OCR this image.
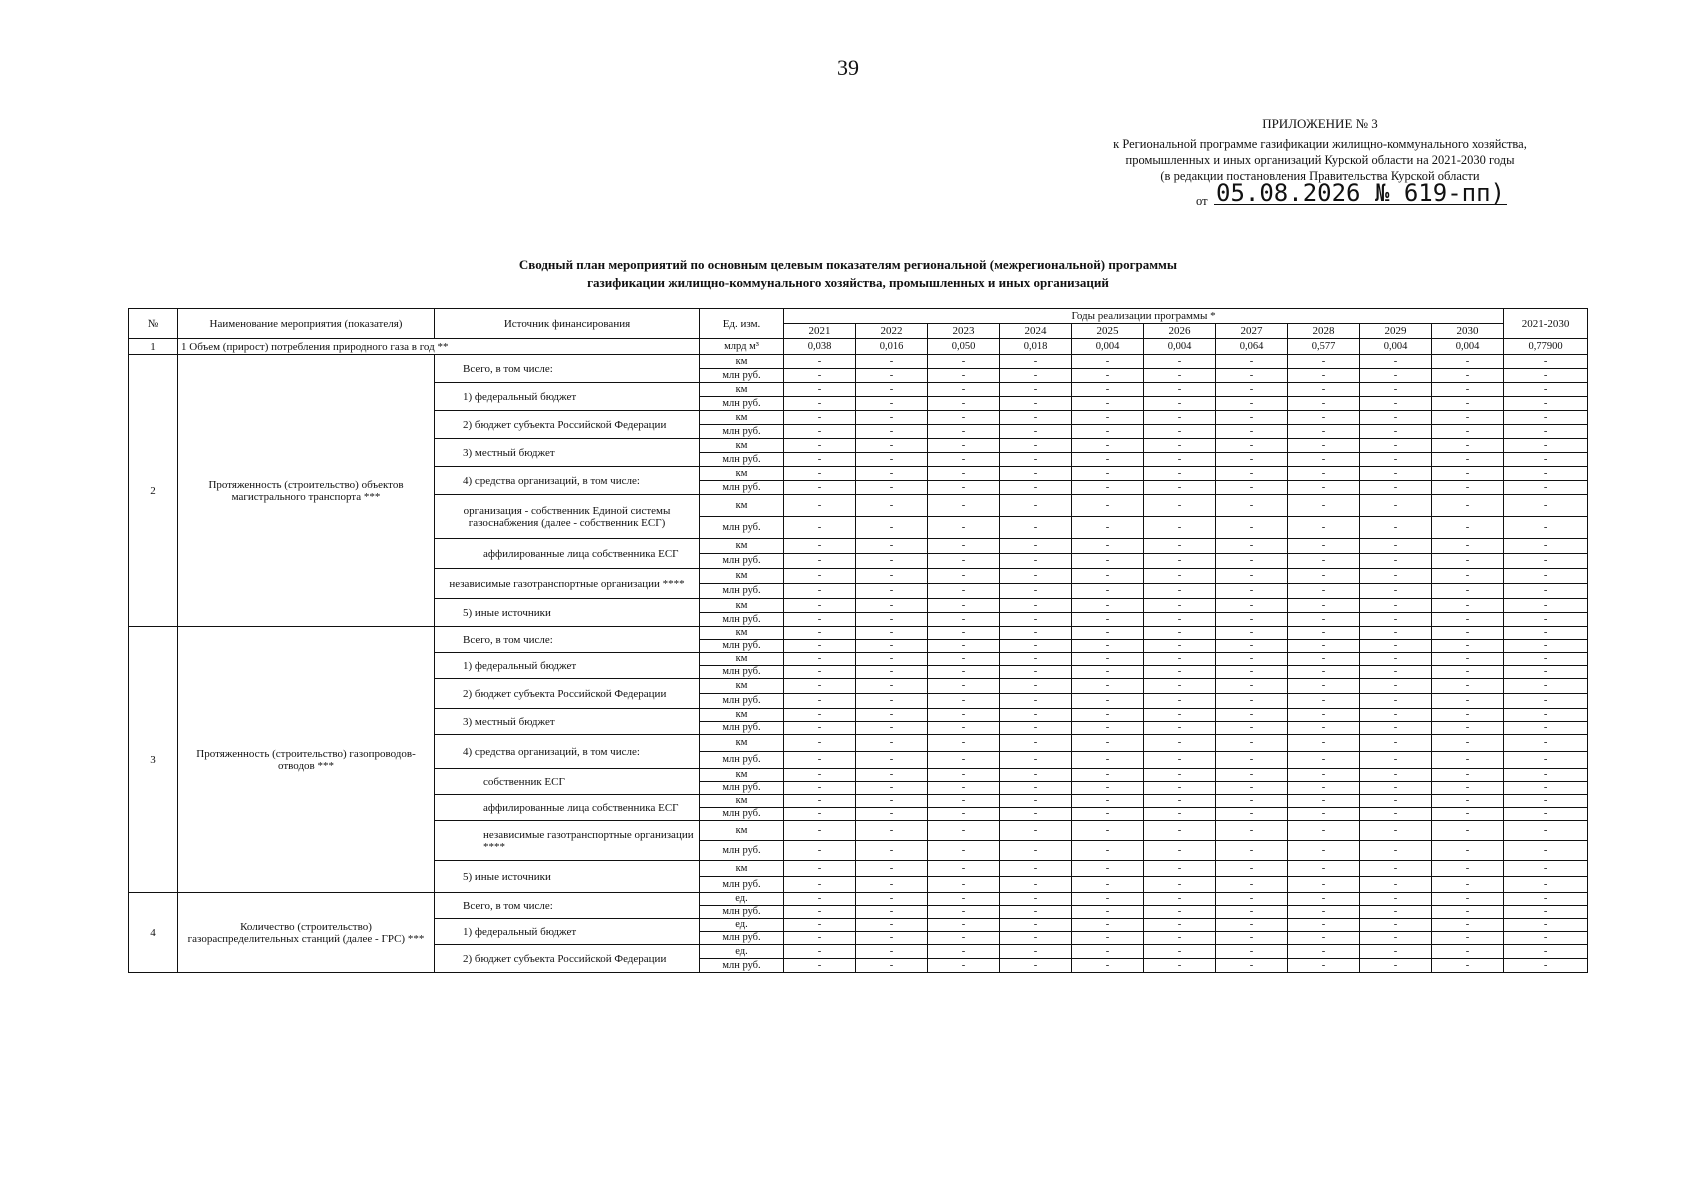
39
ПРИЛОЖЕНИЕ № 3
к Региональной программе газификации жилищно-коммунального хозяйства,
промышленных и иных организаций Курской области на 2021-2030 годы
(в редакции постановления Правительства Курской области
от 05.08.2026 № 619-пп)
Сводный план мероприятий по основным целевым показателям региональной (межрегиональной) программы
газификации жилищно-коммунального хозяйства, промышленных и иных организаций
№	Наименование мероприятия (показателя)	Источник финансирования	Ед. изм.	Годы реализации программы *										2021-2030
				2021	2022	2023	2024	2025	2026	2027	2028	2029	2030	
1	1 Объем (прирост) потребления природного газа в год **		млрд м³	0,038	0,016	0,050	0,018	0,004	0,004	0,064	0,577	0,004	0,004	0,77900
2	Протяженность (строительство) объектов магистрального транспорта ***	Всего, в том числе:	км	-	-	-	-	-	-	-	-	-	-	-
			млн руб.	-	-	-	-	-	-	-	-	-	-	-
		1) федеральный бюджет	км	-	-	-	-	-	-	-	-	-	-	-
			млн руб.	-	-	-	-	-	-	-	-	-	-	-
		2) бюджет субъекта Российской Федерации	км	-	-	-	-	-	-	-	-	-	-	-
			млн руб.	-	-	-	-	-	-	-	-	-	-	-
		3) местный бюджет	км	-	-	-	-	-	-	-	-	-	-	-
			млн руб.	-	-	-	-	-	-	-	-	-	-	-
		4) средства организаций, в том числе:	км	-	-	-	-	-	-	-	-	-	-	-
			млн руб.	-	-	-	-	-	-	-	-	-	-	-
		организация - собственник Единой системы газоснабжения (далее - собственник ЕСГ)	км	-	-	-	-	-	-	-	-	-	-	-
			млн руб.	-	-	-	-	-	-	-	-	-	-	-
		аффилированные лица собственника ЕСГ	км	-	-	-	-	-	-	-	-	-	-	-
			млн руб.	-	-	-	-	-	-	-	-	-	-	-
		независимые газотранспортные организации ****	км	-	-	-	-	-	-	-	-	-	-	-
			млн руб.	-	-	-	-	-	-	-	-	-	-	-
		5) иные источники	км	-	-	-	-	-	-	-	-	-	-	-
			млн руб.	-	-	-	-	-	-	-	-	-	-	-
3	Протяженность (строительство) газопроводов-отводов ***	Всего, в том числе:	км	-	-	-	-	-	-	-	-	-	-	-
			млн руб.	-	-	-	-	-	-	-	-	-	-	-
		1) федеральный бюджет	км	-	-	-	-	-	-	-	-	-	-	-
			млн руб.	-	-	-	-	-	-	-	-	-	-	-
		2) бюджет субъекта Российской Федерации	км	-	-	-	-	-	-	-	-	-	-	-
			млн руб.	-	-	-	-	-	-	-	-	-	-	-
		3) местный бюджет	км	-	-	-	-	-	-	-	-	-	-	-
			млн руб.	-	-	-	-	-	-	-	-	-	-	-
		4) средства организаций, в том числе:	км	-	-	-	-	-	-	-	-	-	-	-
			млн руб.	-	-	-	-	-	-	-	-	-	-	-
		собственник ЕСГ	км	-	-	-	-	-	-	-	-	-	-	-
			млн руб.	-	-	-	-	-	-	-	-	-	-	-
		аффилированные лица собственника ЕСГ	км	-	-	-	-	-	-	-	-	-	-	-
			млн руб.	-	-	-	-	-	-	-	-	-	-	-
		независимые газотранспортные организации ****	км	-	-	-	-	-	-	-	-	-	-	-
			млн руб.	-	-	-	-	-	-	-	-	-	-	-
		5) иные источники	км	-	-	-	-	-	-	-	-	-	-	-
			млн руб.	-	-	-	-	-	-	-	-	-	-	-
4	Количество (строительство) газораспределительных станций (далее - ГРС) ***	Всего, в том числе:	ед.	-	-	-	-	-	-	-	-	-	-	-
			млн руб.	-	-	-	-	-	-	-	-	-	-	-
		1) федеральный бюджет	ед.	-	-	-	-	-	-	-	-	-	-	-
			млн руб.	-	-	-	-	-	-	-	-	-	-	-
		2) бюджет субъекта Российской Федерации	ед.	-	-	-	-	-	-	-	-	-	-	-
			млн руб.	-	-	-	-	-	-	-	-	-	-	-
